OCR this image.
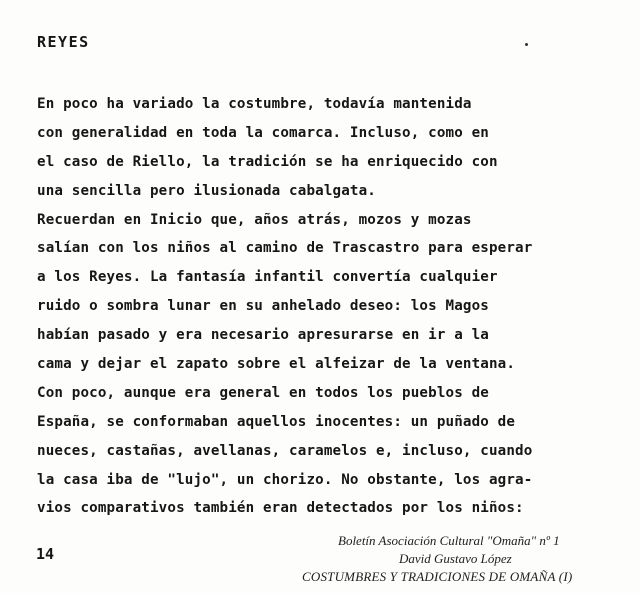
REYES
En poco ha variado la costumbre, todavía mantenida
con generalidad en toda la comarca. Incluso, como en
el caso de Riello, la tradición se ha enriquecido con
una sencilla pero ilusionada cabalgata.
Recuerdan en Inicio que, años atrás, mozos y mozas
salían con los niños al camino de Trascastro para esperar
a los Reyes. La fantasía infantil convertía cualquier
ruido o sombra lunar en su anhelado deseo: los Magos
habían pasado y era necesario apresurarse en ir a la
cama y dejar el zapato sobre el alfeizar de la ventana.
Con poco, aunque era general en todos los pueblos de
España, se conformaban aquellos inocentes: un puñado de
nueces, castañas, avellanas, caramelos e, incluso, cuando
la casa iba de "lujo", un chorizo. No obstante, los agra-
vios comparativos también eran detectados por los niños:
14
Boletín Asociación Cultural "Omaña" nº 1
David Gustavo López
COSTUMBRES Y TRADICIONES DE OMAÑA (I)
